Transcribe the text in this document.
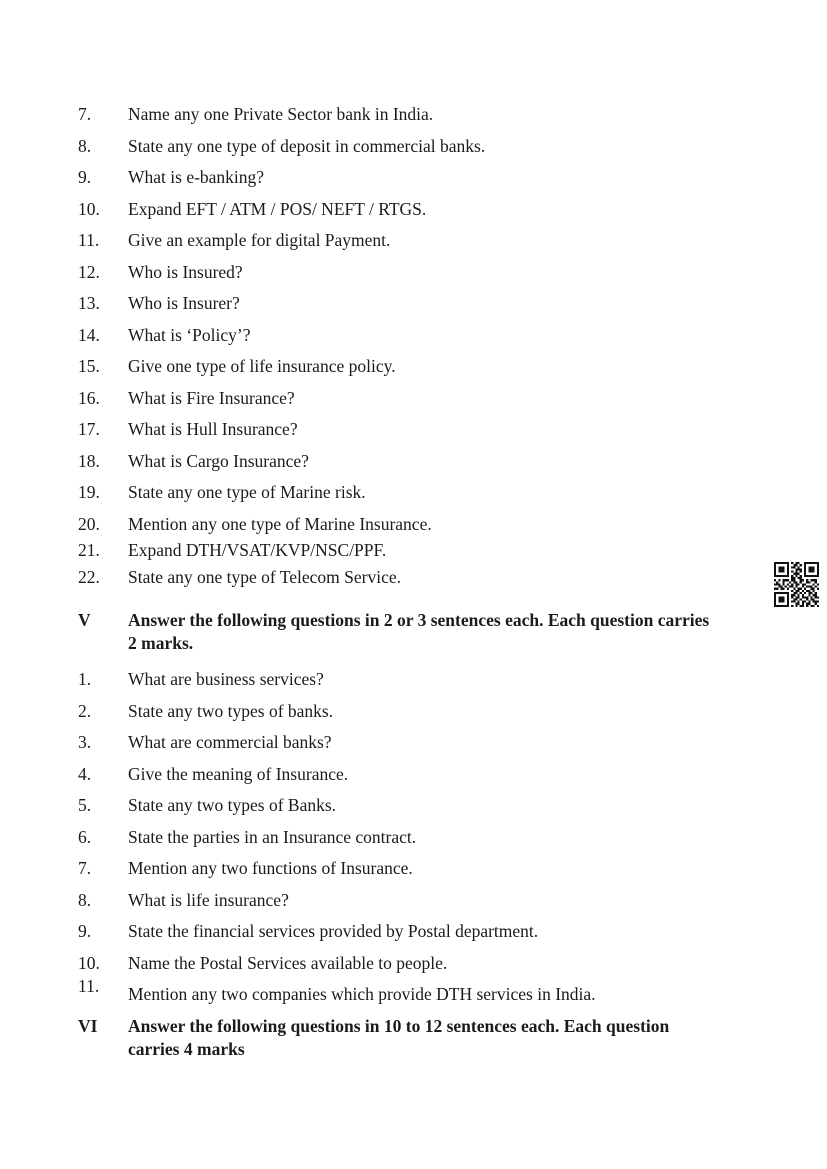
7.	Name any one Private Sector bank in India.
8.	State any one type of deposit in commercial banks.
9.	What is e-banking?
10.	Expand EFT / ATM / POS/ NEFT / RTGS.
11.	Give an example for digital Payment.
12.	Who is Insured?
13.	Who is Insurer?
14.	What is ‘Policy’?
15.	Give one type of life insurance policy.
16.	What is Fire Insurance?
17.	What is Hull Insurance?
18.	What is Cargo Insurance?
19.	State any one type of Marine risk.
20.	Mention any one type of Marine Insurance.
21.	Expand DTH/VSAT/KVP/NSC/PPF.
22.	State any one type of Telecom Service.
V	Answer the following questions in 2 or 3 sentences each. Each question carries 2 marks.
1.	What are business services?
2.	State any two types of banks.
3.	What are commercial banks?
4.	Give the meaning of Insurance.
5.	State any two types of Banks.
6.	State the parties in an Insurance contract.
7.	Mention any two functions of Insurance.
8.	What is life insurance?
9.	State the financial services provided by Postal department.
10.	Name the Postal Services available to people.
11.	Mention any two companies which provide DTH services in India.
VI	Answer the following questions in 10 to 12 sentences each. Each question carries 4 marks
